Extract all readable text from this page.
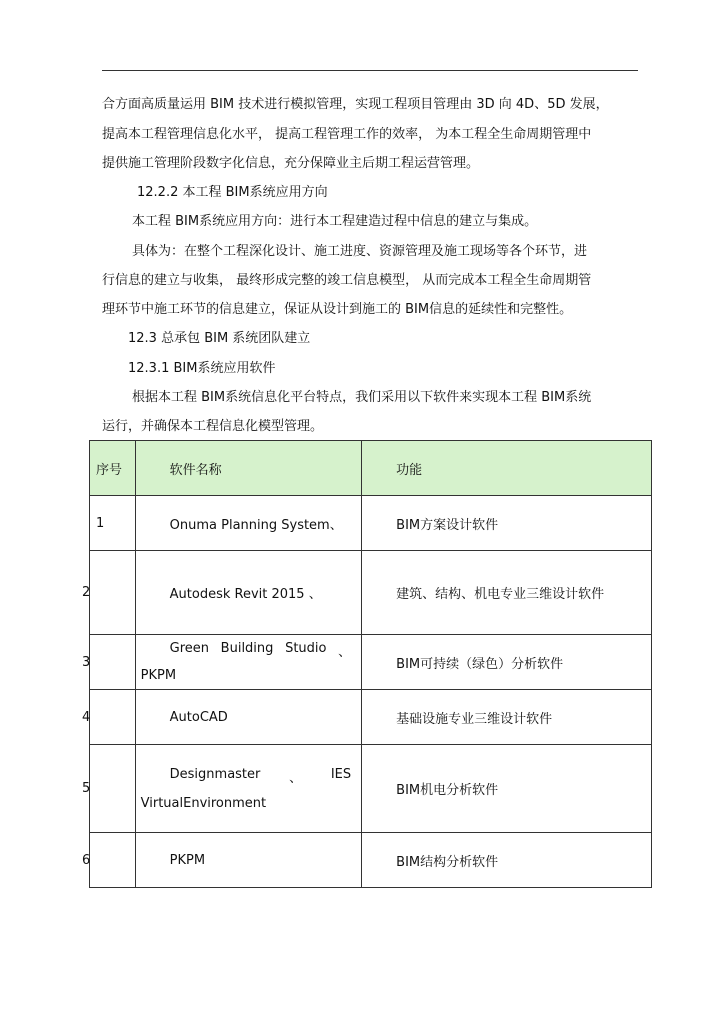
合方面高质量运用 BIM 技术进行模拟管理，实现工程项目管理由 3D 向 4D、5D 发展，
提高本工程管理信息化水平， 提高工程管理工作的效率， 为本工程全生命周期管理中
提供施工管理阶段数字化信息，充分保障业主后期工程运营管理。
12.2.2 本工程 BIM系统应用方向
本工程 BIM系统应用方向：进行本工程建造过程中信息的建立与集成。
具体为：在整个工程深化设计、施工进度、资源管理及施工现场等各个环节，进
行信息的建立与收集， 最终形成完整的竣工信息模型， 从而完成本工程全生命周期管
理环节中施工环节的信息建立，保证从设计到施工的 BIM信息的延续性和完整性。
12.3 总承包 BIM 系统团队建立
12.3.1 BIM系统应用软件
根据本工程 BIM系统信息化平台特点，我们采用以下软件来实现本工程 BIM系统
运行，并确保本工程信息化模型管理。
序号	软件名称	功能

1	Onuma Planning System、	BIM方案设计软件

2	Autodesk Revit 2015 、	建筑、结构、机电专业三维设计软件

3	Green Building Studio 、
PKPM	BIM可持续（绿色）分析软件

4	AutoCAD	基础设施专业三维设计软件

5	Designmaster 、 IES
VirtualEnvironment	BIM机电分析软件

6	PKPM	BIM结构分析软件
